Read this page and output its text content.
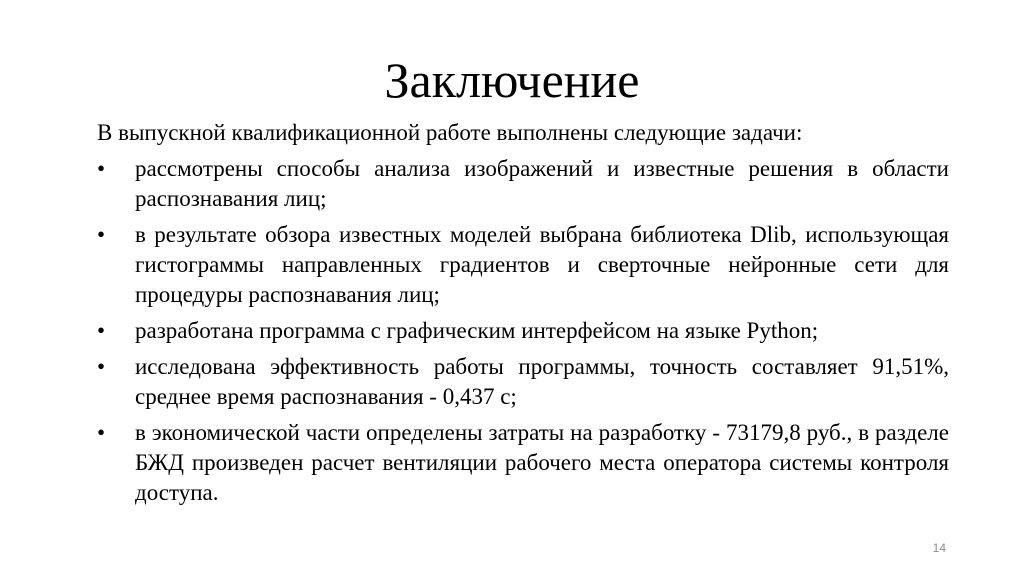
Заключение

В выпускной квалификационной работе выполнены следующие задачи:

•	рассмотрены способы анализа изображений и известные решения в области распознавания лиц;
•	в результате обзора известных моделей выбрана библиотека Dlib, использующая гистограммы направленных градиентов и сверточные нейронные сети для процедуры распознавания лиц;
•	разработана программа с графическим интерфейсом на языке Python;
•	исследована эффективность работы программы, точность составляет 91,51%, среднее время распознавания - 0,437 с;
•	в экономической части определены затраты на разработку - 73179,8 руб., в разделе БЖД произведен расчет вентиляции рабочего места оператора системы контроля доступа.
14
